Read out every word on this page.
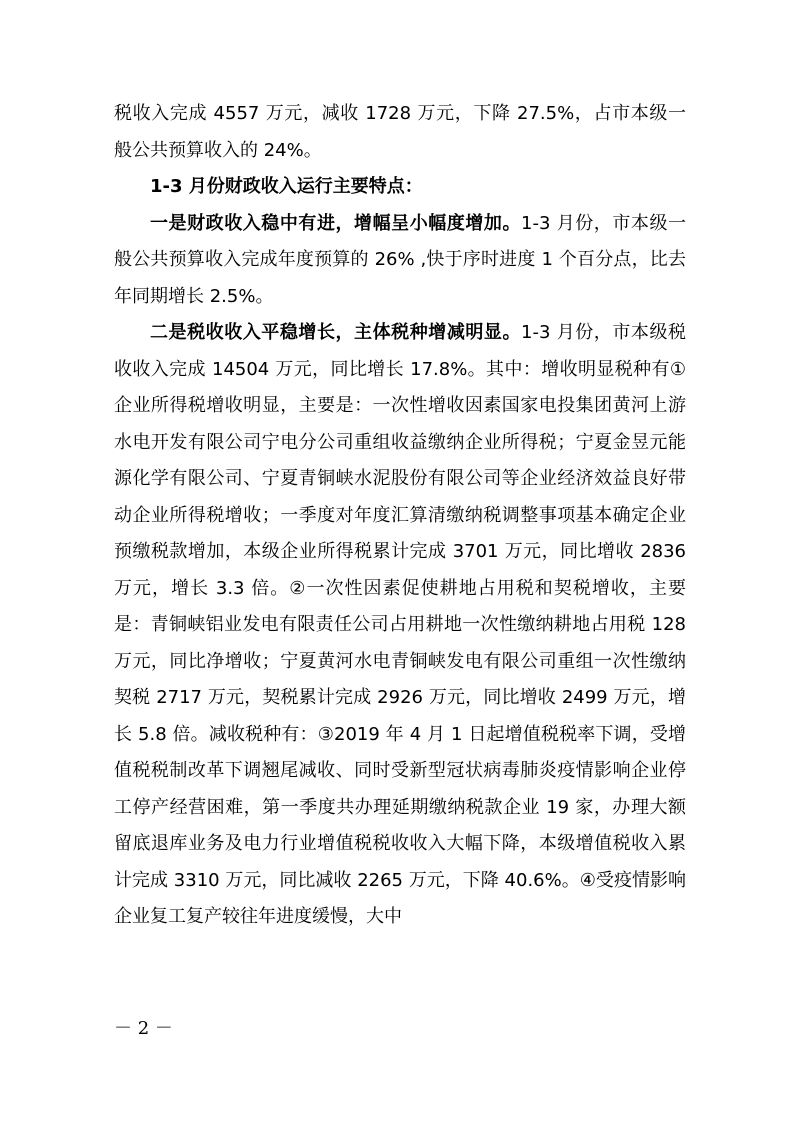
税收入完成 4557 万元，减收 1728 万元，下降 27.5%，占市本级一般公共预算收入的 24%。

1-3 月份财政收入运行主要特点：

一是财政收入稳中有进，增幅呈小幅度增加。1-3 月份，市本级一般公共预算收入完成年度预算的 26% ,快于序时进度 1 个百分点，比去年同期增长 2.5%。

二是税收收入平稳增长，主体税种增减明显。1-3 月份，市本级税收收入完成 14504 万元，同比增长 17.8%。其中：增收明显税种有①企业所得税增收明显，主要是：一次性增收因素国家电投集团黄河上游水电开发有限公司宁电分公司重组收益缴纳企业所得税；宁夏金昱元能源化学有限公司、宁夏青铜峡水泥股份有限公司等企业经济效益良好带动企业所得税增收；一季度对年度汇算清缴纳税调整事项基本确定企业预缴税款增加，本级企业所得税累计完成 3701 万元，同比增收 2836 万元，增长 3.3 倍。②一次性因素促使耕地占用税和契税增收，主要是：青铜峡铝业发电有限责任公司占用耕地一次性缴纳耕地占用税 128 万元，同比净增收；宁夏黄河水电青铜峡发电有限公司重组一次性缴纳契税 2717 万元，契税累计完成 2926 万元，同比增收 2499 万元，增长 5.8 倍。减收税种有：③2019 年 4 月 1 日起增值税税率下调，受增值税税制改革下调翘尾减收、同时受新型冠状病毒肺炎疫情影响企业停工停产经营困难，第一季度共办理延期缴纳税款企业 19 家，办理大额留底退库业务及电力行业增值税税收收入大幅下降，本级增值税收入累计完成 3310 万元，同比减收 2265 万元，下降 40.6%。④受疫情影响企业复工复产较往年进度缓慢，大中

－ 2 －
